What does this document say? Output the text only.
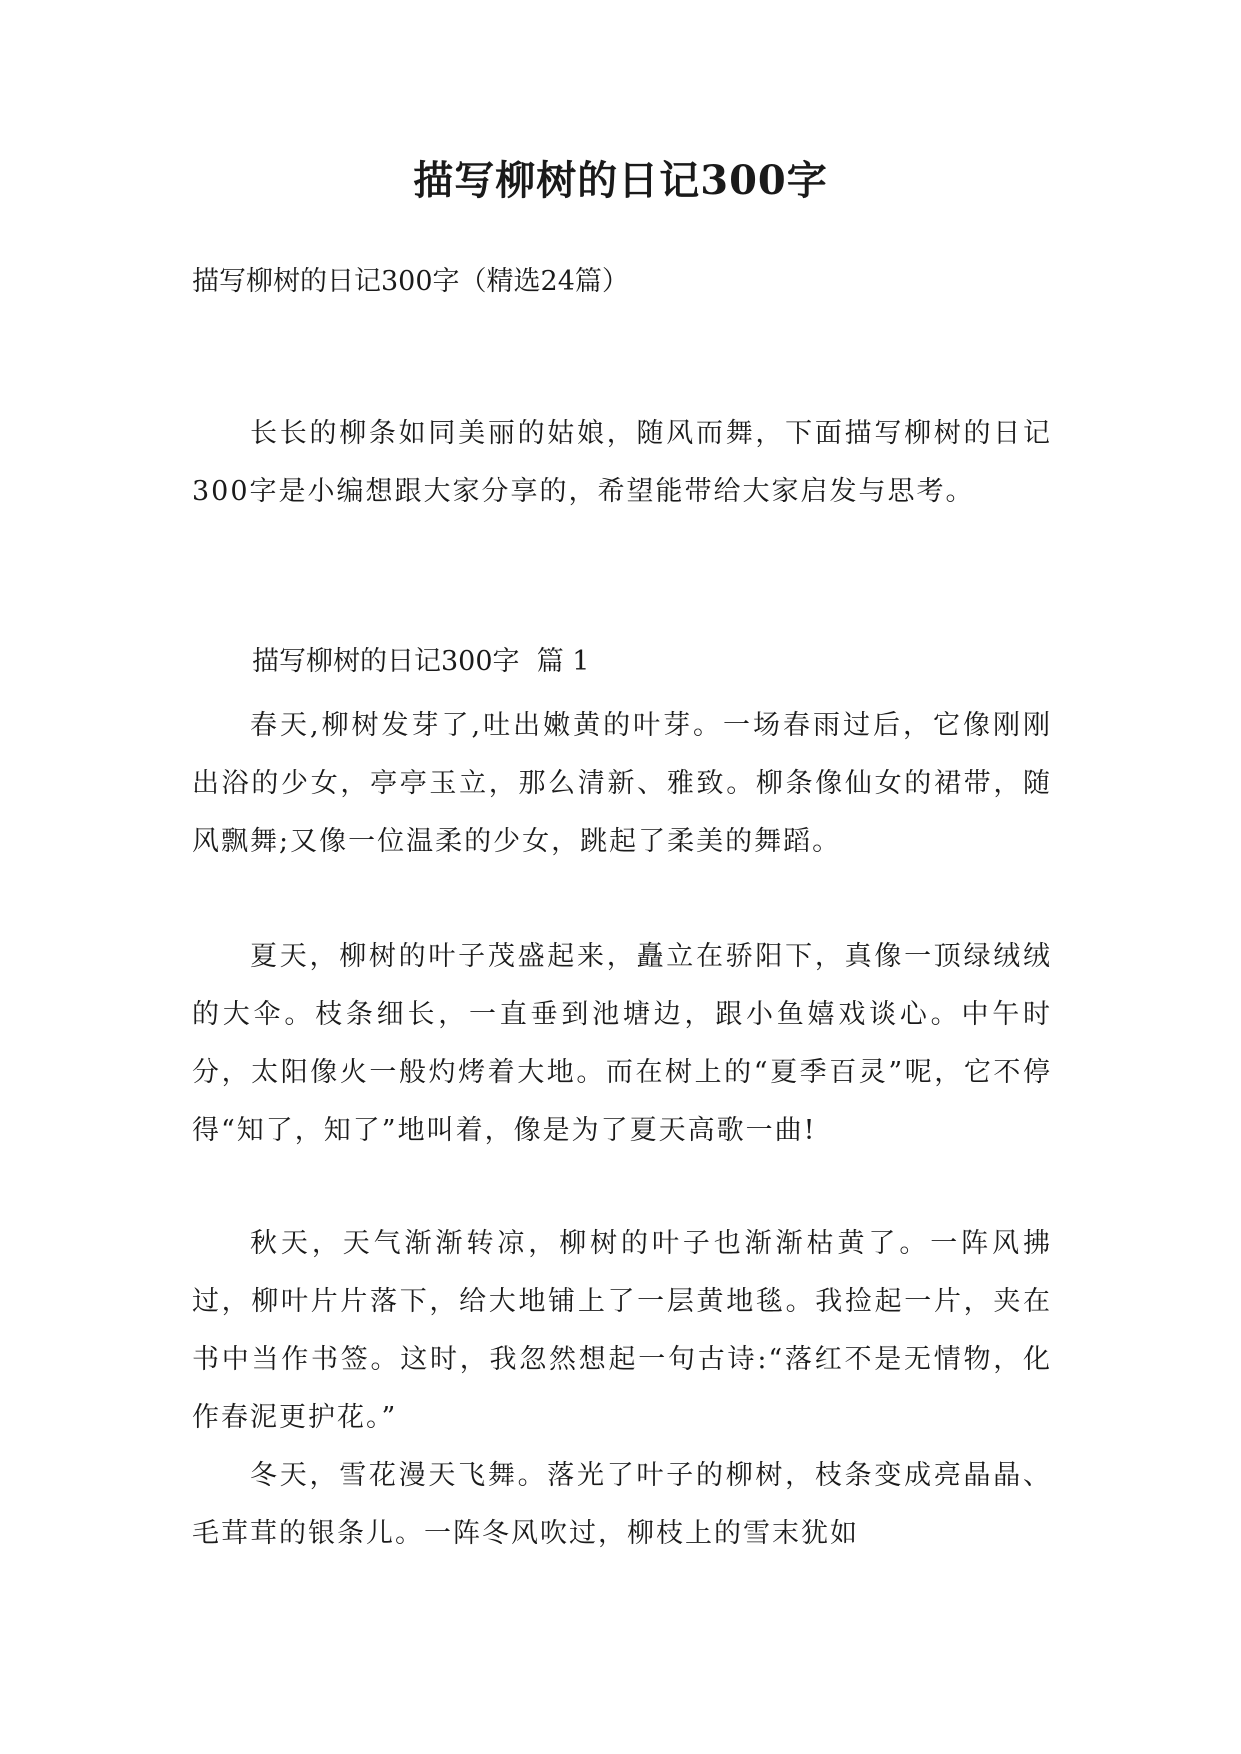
描写柳树的日记300字

描写柳树的日记300字（精选24篇）

长长的柳条如同美丽的姑娘，随风而舞，下面描写柳树的日记300字是小编想跟大家分享的，希望能带给大家启发与思考。

描写柳树的日记300字 篇 1

春天,柳树发芽了,吐出嫩黄的叶芽。一场春雨过后，它像刚刚出浴的少女，亭亭玉立，那么清新、雅致。柳条像仙女的裙带，随风飘舞;又像一位温柔的少女，跳起了柔美的舞蹈。

夏天，柳树的叶子茂盛起来，矗立在骄阳下，真像一顶绿绒绒的大伞。枝条细长，一直垂到池塘边，跟小鱼嬉戏谈心。中午时分，太阳像火一般灼烤着大地。而在树上的“夏季百灵”呢，它不停得“知了，知了”地叫着，像是为了夏天高歌一曲!

秋天，天气渐渐转凉，柳树的叶子也渐渐枯黄了。一阵风拂过，柳叶片片落下，给大地铺上了一层黄地毯。我捡起一片，夹在书中当作书签。这时，我忽然想起一句古诗:“落红不是无情物，化作春泥更护花。”

冬天，雪花漫天飞舞。落光了叶子的柳树，枝条变成亮晶晶、毛茸茸的银条儿。一阵冬风吹过，柳枝上的雪末犹如
